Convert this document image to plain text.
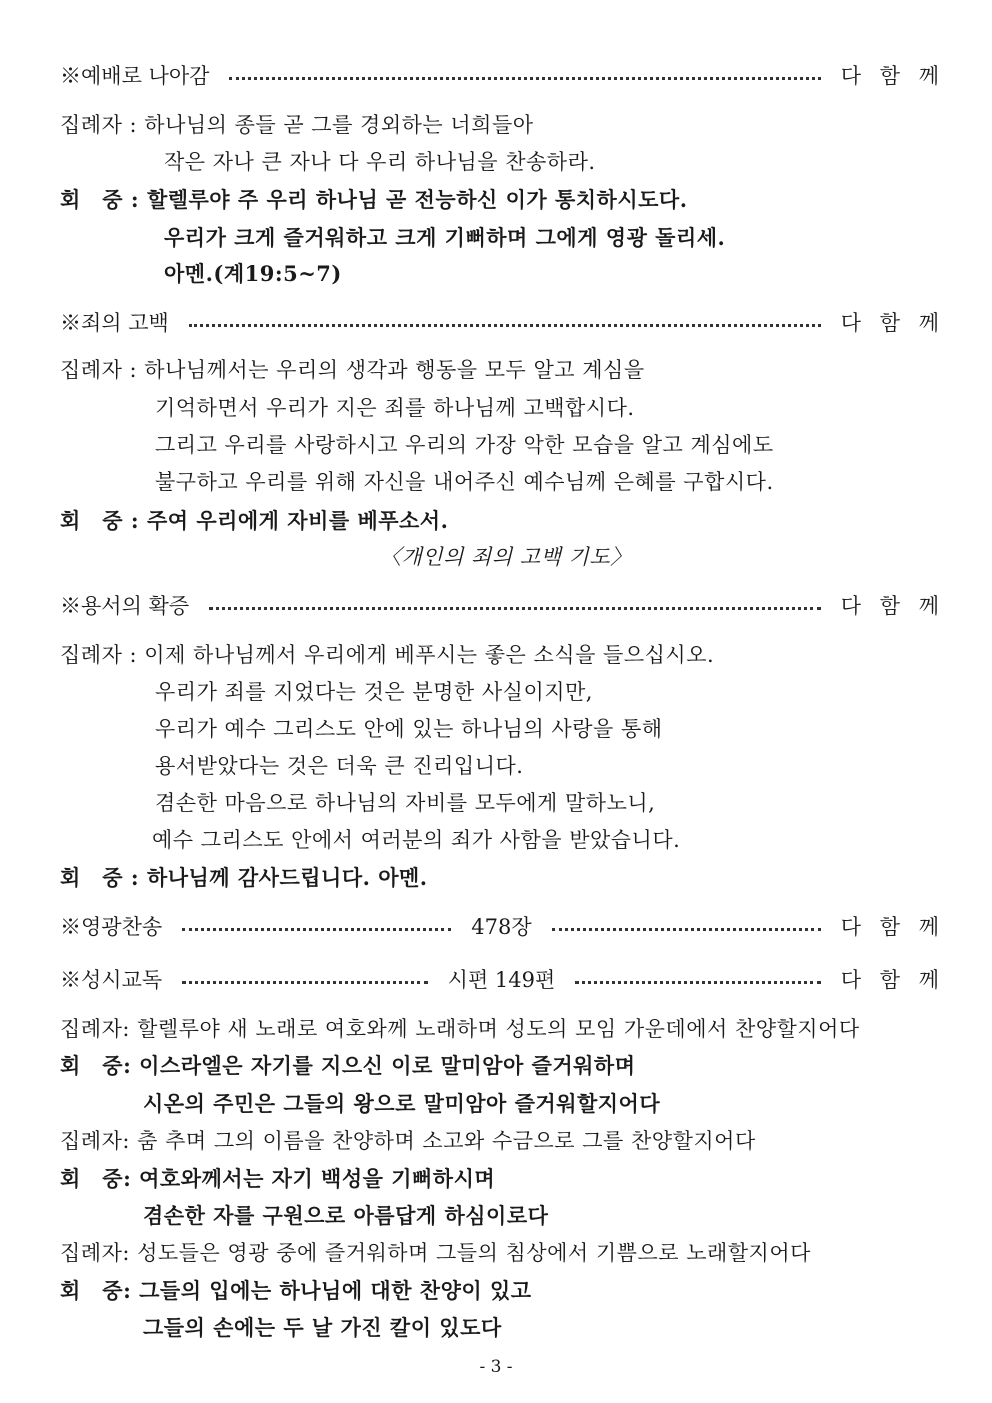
※예배로 나아감	다 함 께
집례자 : 하나님의 종들 곧 그를 경외하는 너희들아
작은 자나 큰 자나 다 우리 하나님을 찬송하라.
회　중 : 할렐루야 주 우리 하나님 곧 전능하신 이가 통치하시도다.
우리가 크게 즐거워하고 크게 기뻐하며 그에게 영광 돌리세.
아멘.(계19:5~7)
※죄의 고백	다 함 께
집례자 : 하나님께서는 우리의 생각과 행동을 모두 알고 계심을
기억하면서 우리가 지은 죄를 하나님께 고백합시다.
그리고 우리를 사랑하시고 우리의 가장 악한 모습을 알고 계심에도
불구하고 우리를 위해 자신을 내어주신 예수님께 은혜를 구합시다.
회　중 : 주여 우리에게 자비를 베푸소서.
〈개인의 죄의 고백 기도〉
※용서의 확증	다 함 께
집례자 : 이제 하나님께서 우리에게 베푸시는 좋은 소식을 들으십시오.
우리가 죄를 지었다는 것은 분명한 사실이지만,
우리가 예수 그리스도 안에 있는 하나님의 사랑을 통해
용서받았다는 것은 더욱 큰 진리입니다.
겸손한 마음으로 하나님의 자비를 모두에게 말하노니,
예수 그리스도 안에서 여러분의 죄가 사함을 받았습니다.
회　중 : 하나님께 감사드립니다. 아멘.
※영광찬송	478장	다 함 께
※성시교독	시편 149편	다 함 께
집례자: 할렐루야 새 노래로 여호와께 노래하며 성도의 모임 가운데에서 찬양할지어다
회　중: 이스라엘은 자기를 지으신 이로 말미암아 즐거워하며
시온의 주민은 그들의 왕으로 말미암아 즐거워할지어다
집례자: 춤 추며 그의 이름을 찬양하며 소고와 수금으로 그를 찬양할지어다
회　중: 여호와께서는 자기 백성을 기뻐하시며
겸손한 자를 구원으로 아름답게 하심이로다
집례자: 성도들은 영광 중에 즐거워하며 그들의 침상에서 기쁨으로 노래할지어다
회　중: 그들의 입에는 하나님에 대한 찬양이 있고
그들의 손에는 두 날 가진 칼이 있도다
- 3 -
